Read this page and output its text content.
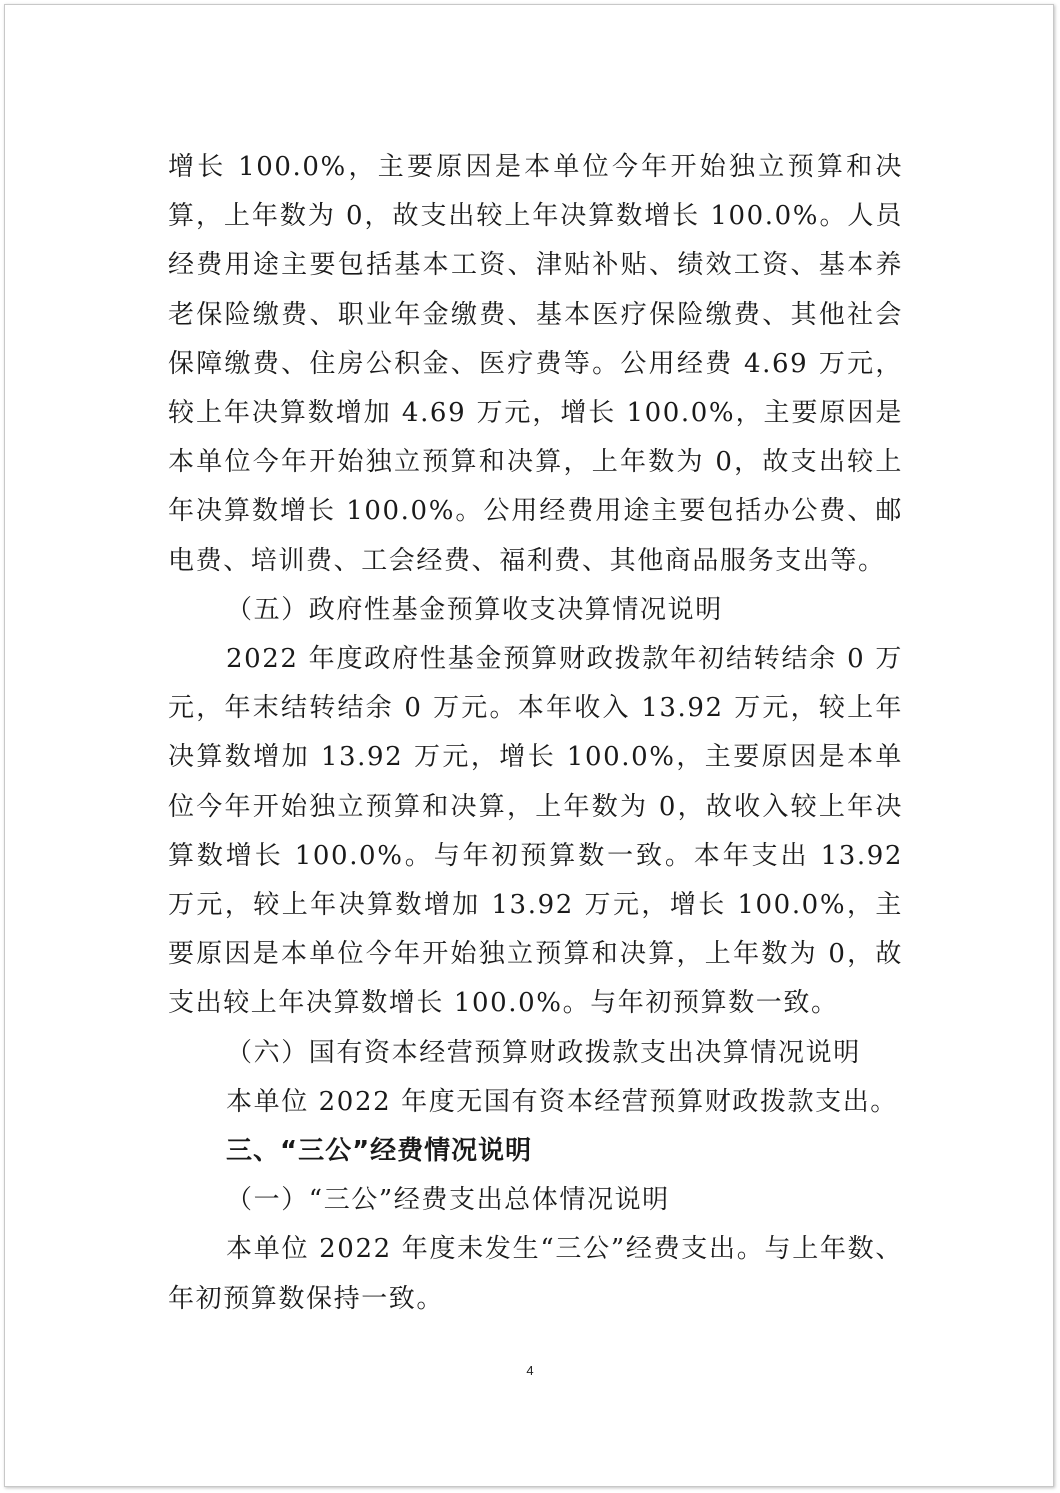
增长 100.0%，主要原因是本单位今年开始独立预算和决算，上年数为 0，故支出较上年决算数增长 100.0%。人员经费用途主要包括基本工资、津贴补贴、绩效工资、基本养老保险缴费、职业年金缴费、基本医疗保险缴费、其他社会保障缴费、住房公积金、医疗费等。公用经费 4.69 万元，较上年决算数增加 4.69 万元，增长 100.0%，主要原因是本单位今年开始独立预算和决算，上年数为 0，故支出较上年决算数增长 100.0%。公用经费用途主要包括办公费、邮电费、培训费、工会经费、福利费、其他商品服务支出等。

（五）政府性基金预算收支决算情况说明

2022 年度政府性基金预算财政拨款年初结转结余 0 万元，年末结转结余 0 万元。本年收入 13.92 万元，较上年决算数增加 13.92 万元，增长 100.0%，主要原因是本单位今年开始独立预算和决算，上年数为 0，故收入较上年决算数增长 100.0%。与年初预算数一致。本年支出 13.92 万元，较上年决算数增加 13.92 万元，增长 100.0%，主要原因是本单位今年开始独立预算和决算，上年数为 0，故支出较上年决算数增长 100.0%。与年初预算数一致。

（六）国有资本经营预算财政拨款支出决算情况说明

本单位 2022 年度无国有资本经营预算财政拨款支出。

三、“三公”经费情况说明

（一）“三公”经费支出总体情况说明

本单位 2022 年度未发生“三公”经费支出。与上年数、年初预算数保持一致。

4
